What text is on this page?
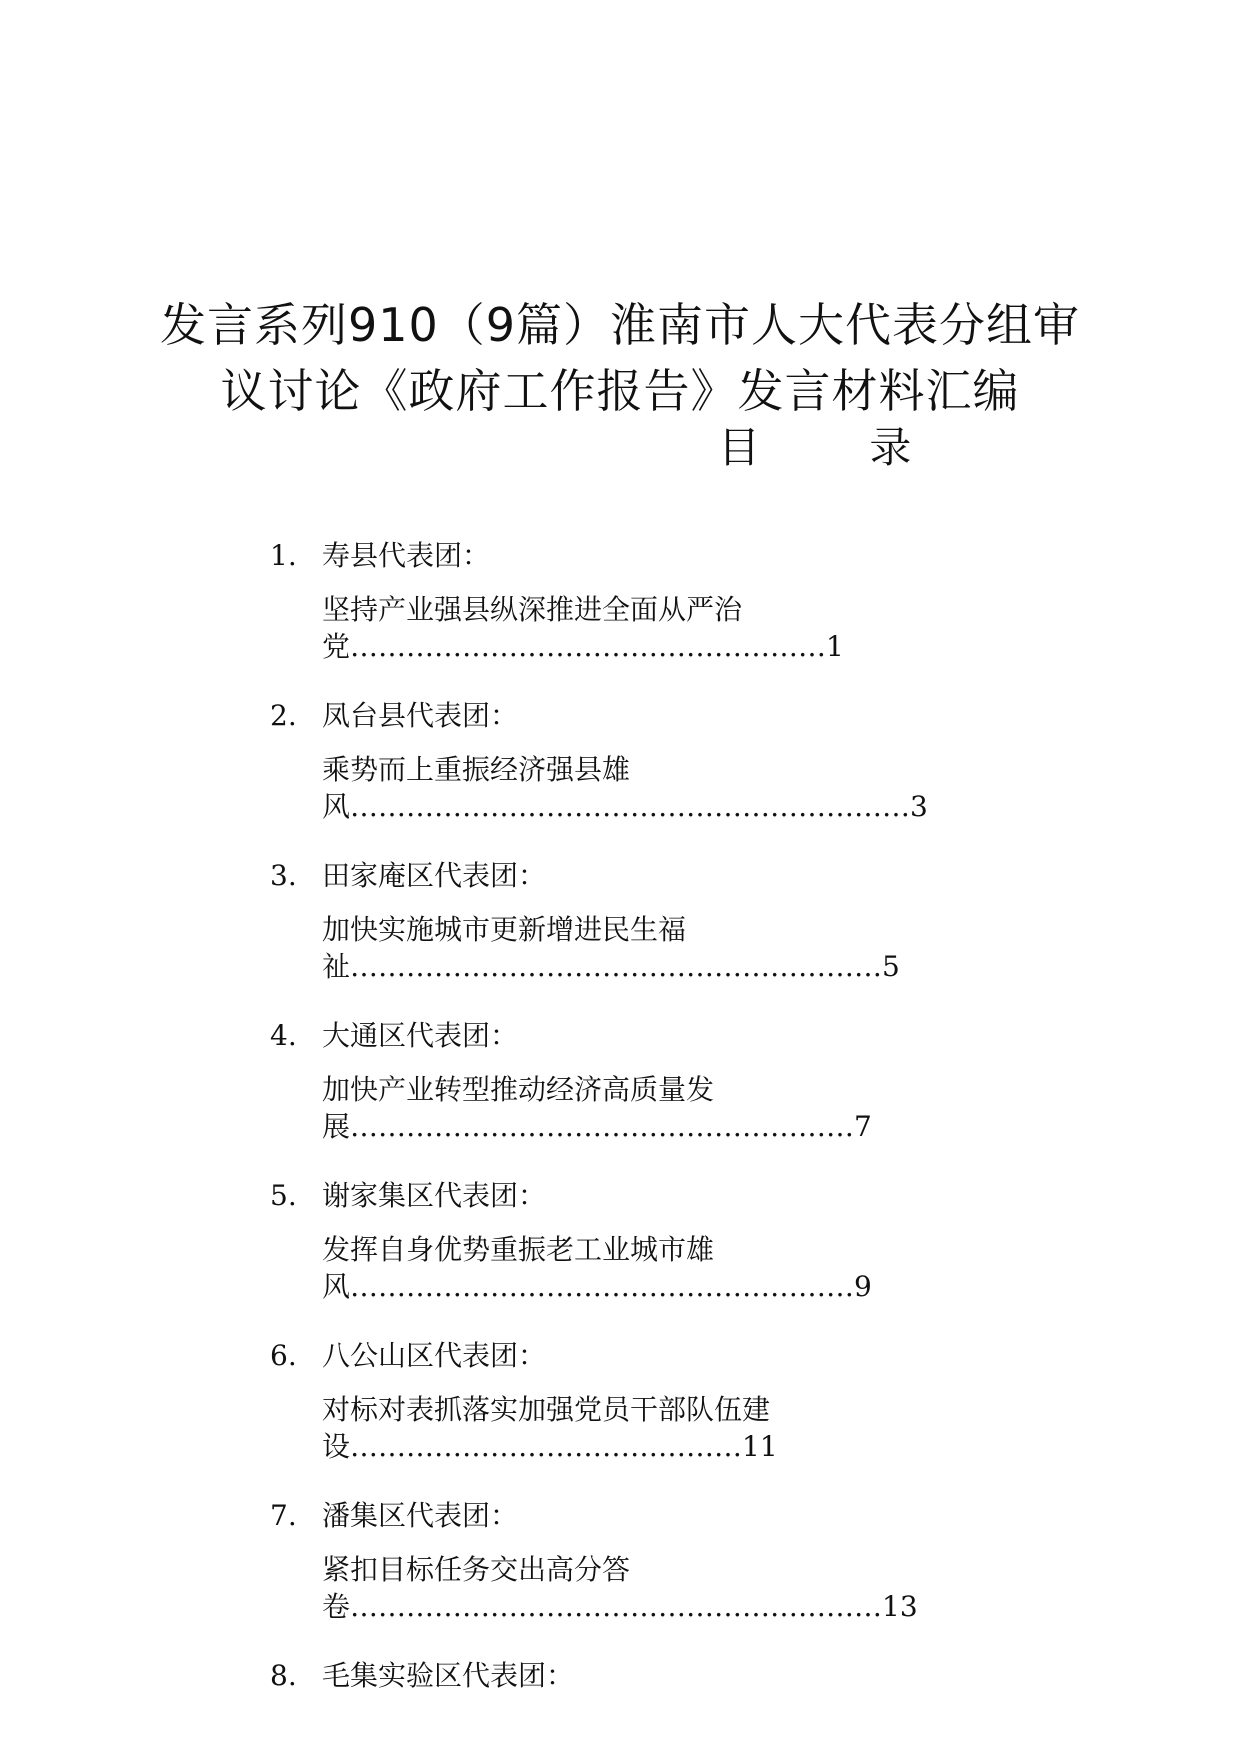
发言系列910（9篇）淮南市人大代表分组审
议讨论《政府工作报告》发言材料汇编
目 录
1. 寿县代表团：
坚持产业强县纵深推进全面从严治
党 …………………………………………… 1
2. 凤台县代表团：
乘势而上重振经济强县雄
风 …………………………………………………… 3
3. 田家庵区代表团：
加快实施城市更新增进民生福
祉 ………………………………………………… 5
4. 大通区代表团：
加快产业转型推动经济高质量发
展 ……………………………………………… 7
5. 谢家集区代表团：
发挥自身优势重振老工业城市雄
风 ……………………………………………… 9
6. 八公山区代表团：
对标对表抓落实加强党员干部队伍建
设 …………………………………… 11
7. 潘集区代表团：
紧扣目标任务交出高分答
卷 ………………………………………………… 13
8. 毛集实验区代表团：
